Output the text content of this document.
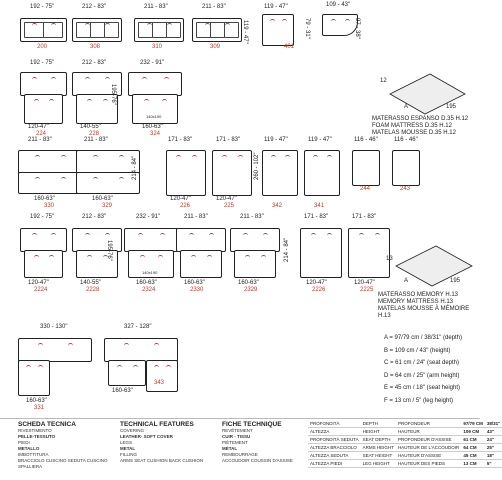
192 - 75"
200
212 - 83"
308
211 - 83"
310
211 - 83"
309
119 - 47"
119 - 47"
401
109 - 43"
79 - 31"	97 - 38"
192 - 75"
120-47"
224
212 - 83"
140-55"
228
232 - 91"
195-76"
140x190
160-63"
324
12
A	195
MATERASSO ESPANSO D.35 H.12
FOAM MATTRESS D.35 H.12
MATELAS MOUSSE D.35 H.12
211 - 83"
160-63"
330
211 - 83"
160-63"
329
214 - 84"
171 - 83"
120-47"
226
171 - 83"
120-47"
225
260 - 102"
119 - 47"
342
119 - 47"
341
116 - 46"
244
116 - 46"
243
192 - 75"
120-47"
2224
212 - 83"
140-55"
2228
232 - 91"
195-76"
140x190
160-63"
2324
211 - 83"
160-63"
2330
211 - 83"
160-63"
2329
214 - 84"
171 - 83"
120-47"
2226
171 - 83"
120-47"
2225
13
A	195
MATERASSO MEMORY H.13
MEMORY MATTRESS H.13
MATELAS MOUSSE À MÉMOIRE H.13
330 - 130"
160-63"
331
327 - 128"
160-63"
343
A = 97/79 cm / 38/31" (depth)
B = 109 cm / 43" (height)
C = 61 cm / 24" (seat depth)
D = 64 cm / 25" (arm height)
E = 45 cm / 18" (seat height)
F = 13 cm / 5" (leg height)
SCHEDA TECNICA
RIVESTIMENTO
PELLE-TESSUTO
PIEDI
METALLO
IMBOTTITURA
BRACCIOLO CUSCINO SEDUTA CUSCINO SPALLIERA
TECHNICAL FEATURES
COVERING
LEATHER- SOFT COVER
LEGS
METAL
FILLING
ARMS SEAT CUSHION BACK CUSHION
FICHE TECHNIQUE
REVÊTEMENT
CUIR - TISSU
PIÈTEMENT
MÉTAL
REMBOURRAGE
ACCOUDOIR COUSSIN D'ASSISE
PROFONDITÀ	DEPTH	PROFONDEUR	97/79 CM	38/31"
ALTEZZA	HEIGHT	HAUTEUR	109 CM	43"
PROFONDITÀ SEDUTA	SEAT DEPTH	PROFONDEUR D'ASSISE	61 CM	24"
ALTEZZA BRACCIOLO	ARMS HEIGHT	HAUTEUR DE L'ACCOUDOIR	64 CM	25"
ALTEZZA SEDUTA	SEAT HEIGHT	HAUTEUR D'ASSISE	45 CM	18"
ALTEZZA PIEDI	LEG HEIGHT	HAUTEUR DES PIEDS	13 CM	5"
